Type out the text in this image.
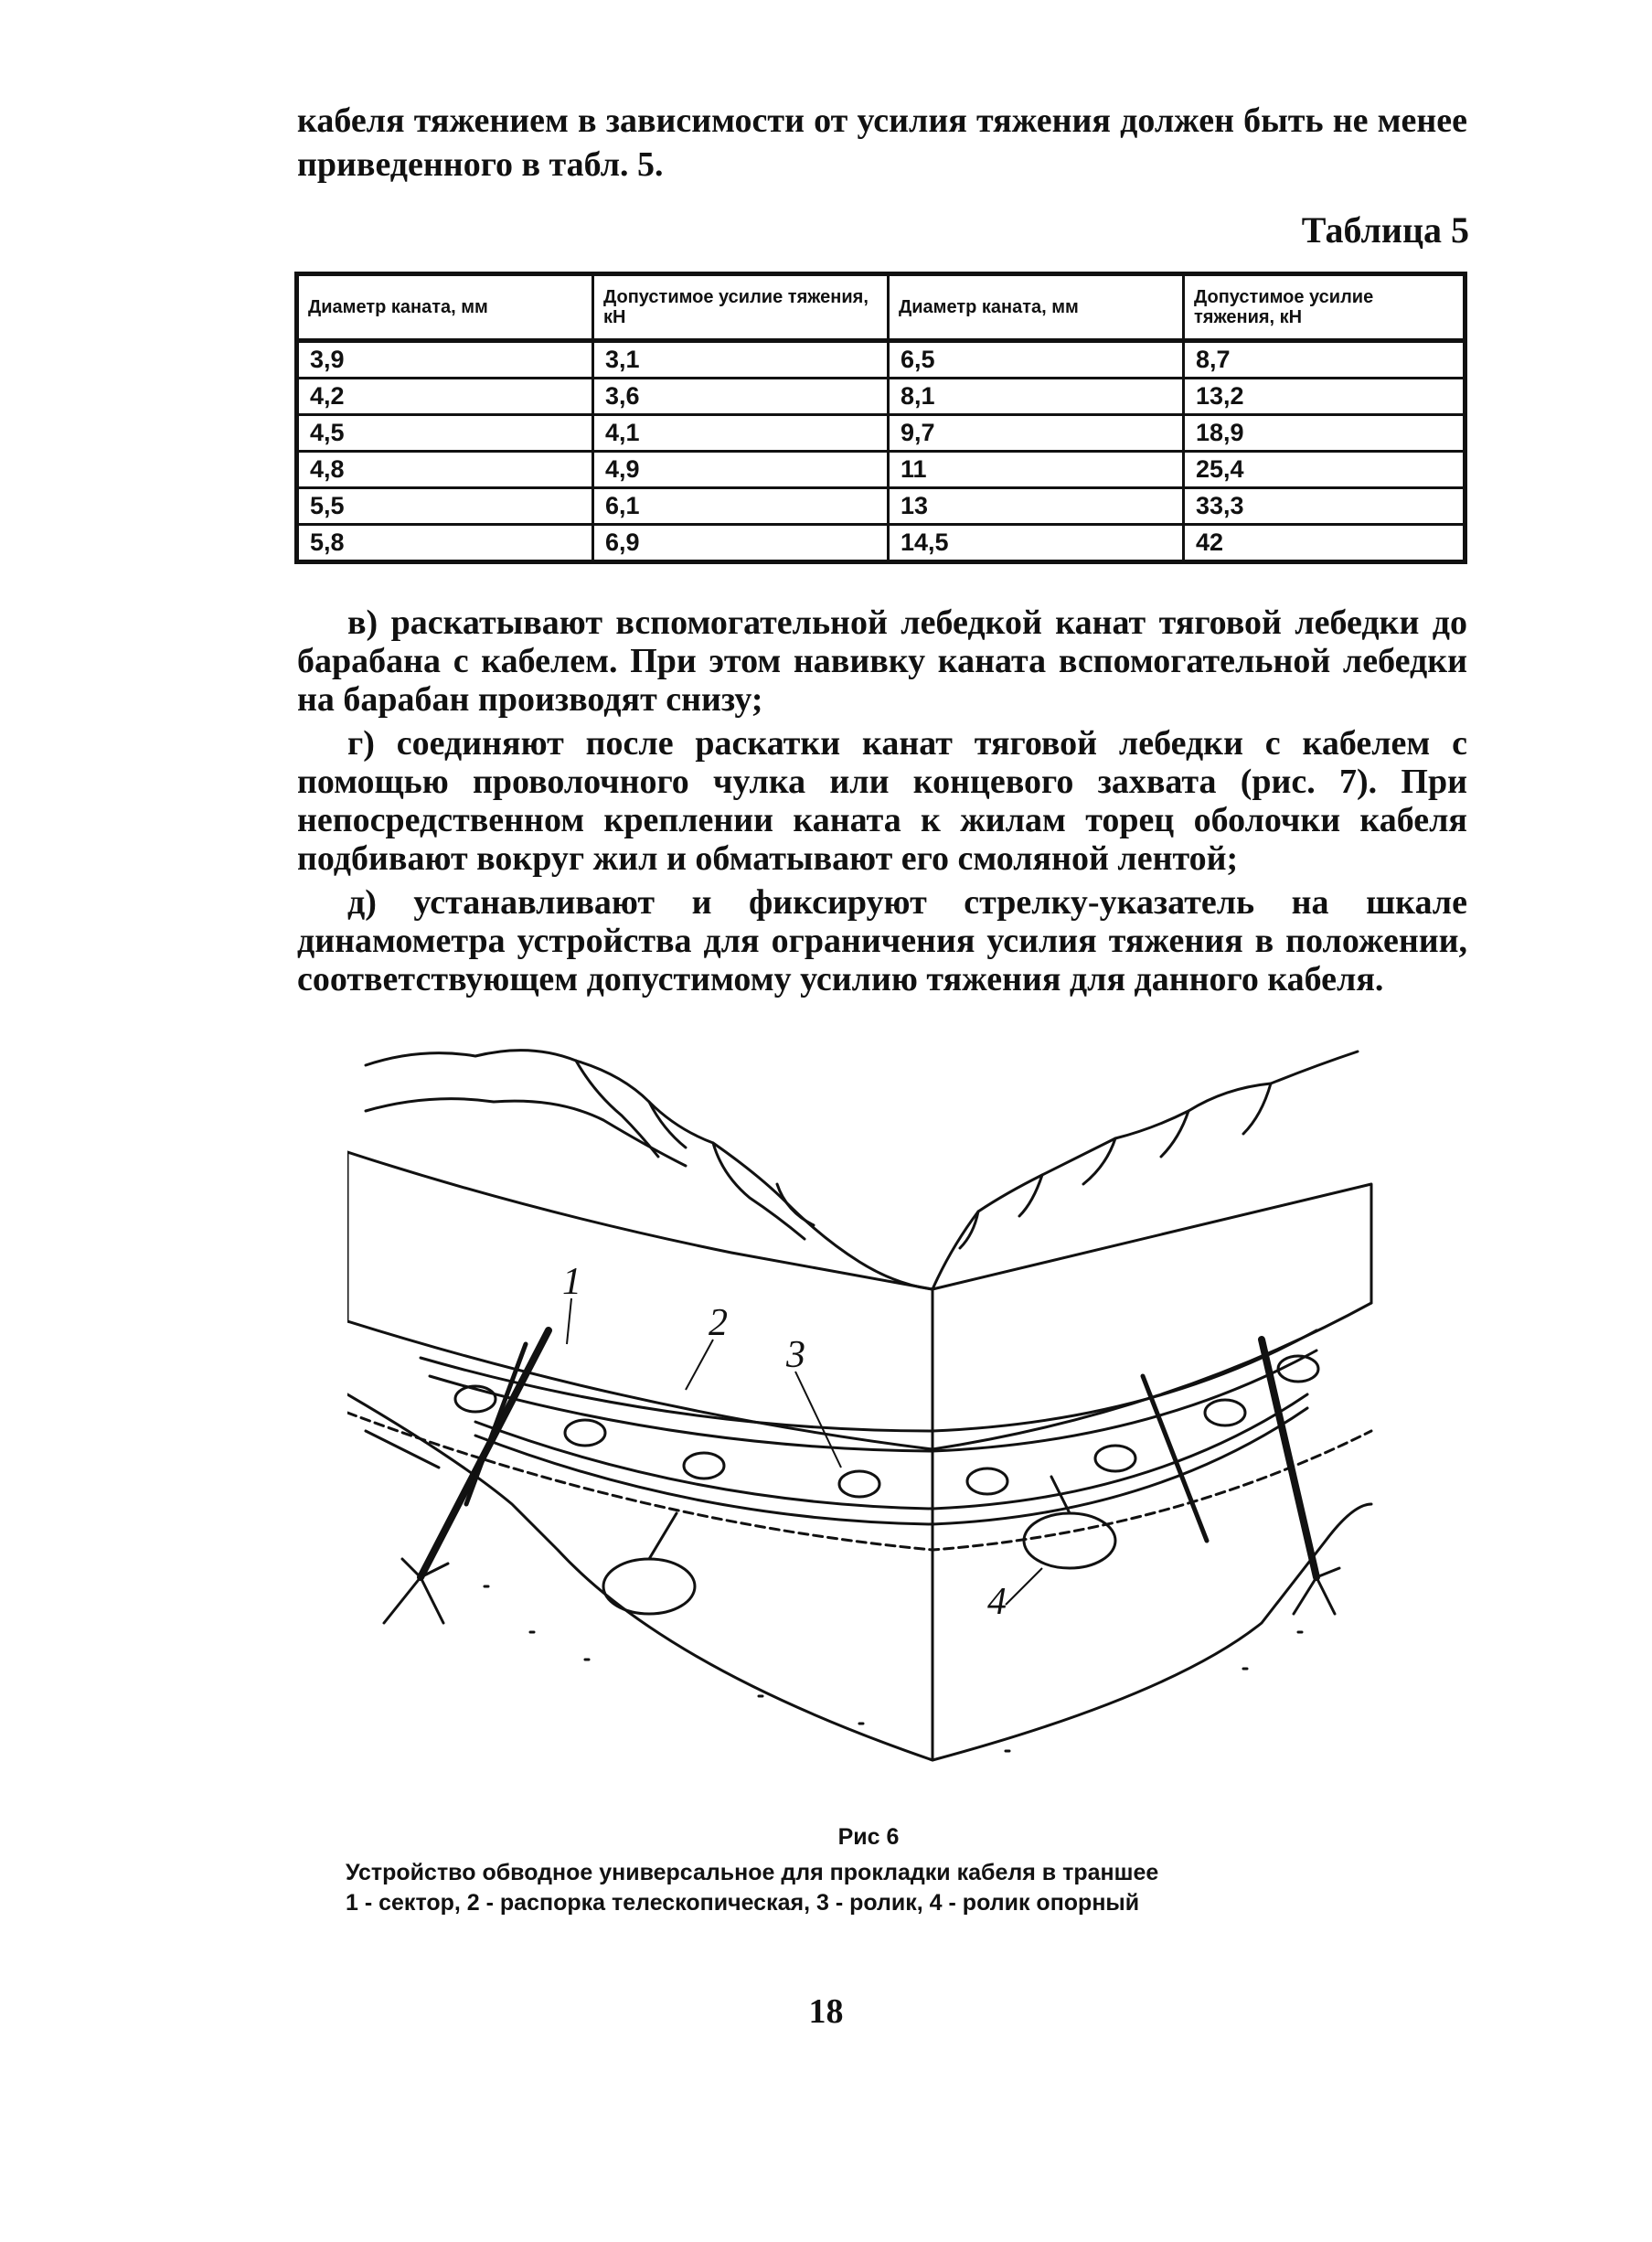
кабеля тяжением в зависимости от усилия тяжения должен быть не менее приведенного в табл. 5.
Таблица 5
Диаметр каната, мм	Допустимое усилие тяжения, кН	Диаметр каната, мм	Допустимое усилие тяжения, кН
3,9	3,1	6,5	8,7
4,2	3,6	8,1	13,2
4,5	4,1	9,7	18,9
4,8	4,9	11	25,4
5,5	6,1	13	33,3
5,8	6,9	14,5	42

в) раскатывают вспомогательной лебедкой канат тяговой лебедки до барабана с кабелем. При этом навивку каната вспомогательной лебедки на барабан производят снизу;

г) соединяют после раскатки канат тяговой лебедки с кабелем с помощью проволочного чулка или концевого захвата (рис. 7). При непосредственном креплении каната к жилам торец оболочки кабеля подбивают вокруг жил и обматывают его смоляной лентой;

д) устанавливают и фиксируют стрелку-указатель на шкале динамометра устройства для ограничения усилия тяжения в положении, соответствующем допустимому усилию тяжения для данного кабеля.

1
2
3
4
Рис 6
Устройство обводное универсальное для прокладки кабеля в траншее
1 - сектор, 2 - распорка телескопическая, 3 - ролик, 4 - ролик опорный
18
